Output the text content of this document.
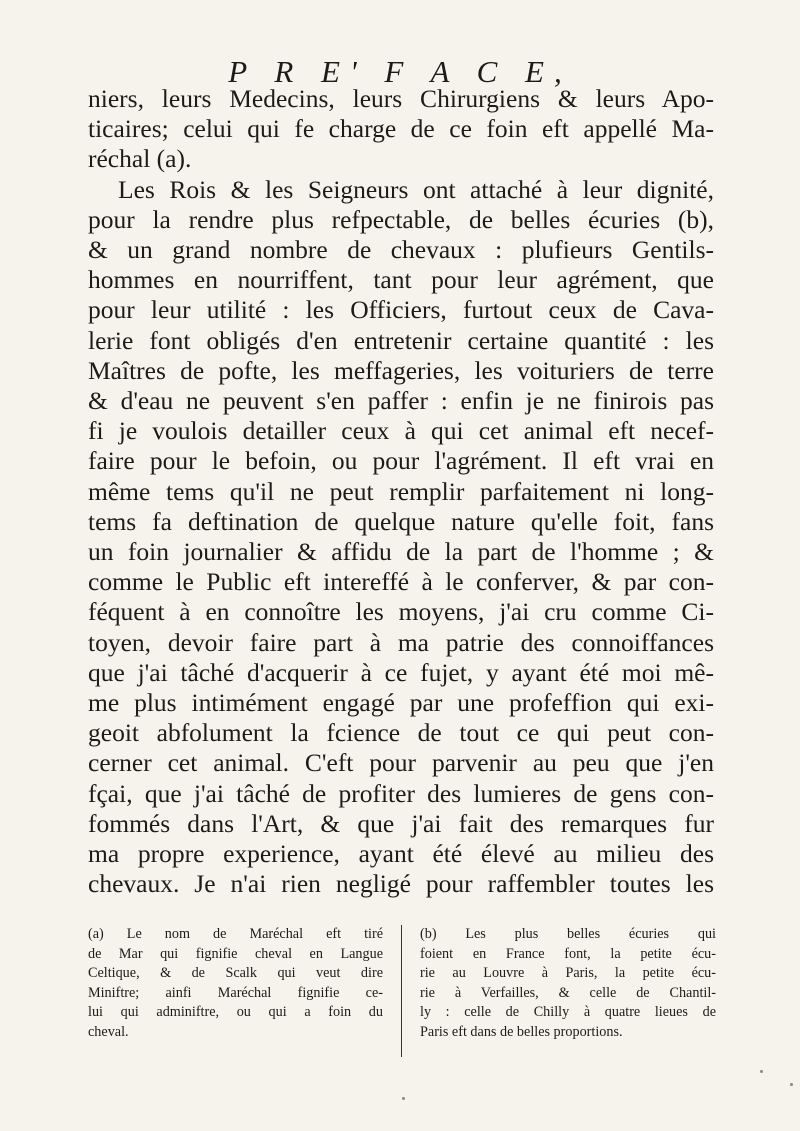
P R E' F A C E,
niers, leurs Medecins, leurs Chirurgiens & leurs Apo-
ticaires; celui qui fe charge de ce foin eft appellé Ma-
réchal (a).
Les Rois & les Seigneurs ont attaché à leur dignité,
pour la rendre plus refpectable, de belles écuries (b),
& un grand nombre de chevaux : plufieurs Gentils-
hommes en nourriffent, tant pour leur agrément, que
pour leur utilité : les Officiers, furtout ceux de Cava-
lerie font obligés d'en entretenir certaine quantité : les
Maîtres de pofte, les meffageries, les voituriers de terre
& d'eau ne peuvent s'en paffer : enfin je ne finirois pas
fi je voulois detailler ceux à qui cet animal eft necef-
faire pour le befoin, ou pour l'agrément. Il eft vrai en
même tems qu'il ne peut remplir parfaitement ni long-
tems fa deftination de quelque nature qu'elle foit, fans
un foin journalier & affidu de la part de l'homme ; &
comme le Public eft intereffé à le conferver, & par con-
féquent à en connoître les moyens, j'ai cru comme Ci-
toyen, devoir faire part à ma patrie des connoiffances
que j'ai tâché d'acquerir à ce fujet, y ayant été moi mê-
me plus intimément engagé par une profeffion qui exi-
geoit abfolument la fcience de tout ce qui peut con-
cerner cet animal. C'eft pour parvenir au peu que j'en
fçai, que j'ai tâché de profiter des lumieres de gens con-
fommés dans l'Art, & que j'ai fait des remarques fur
ma propre experience, ayant été élevé au milieu des
chevaux. Je n'ai rien negligé pour raffembler toutes les
(a) Le nom de Maréchal eft tiré
de Mar qui fignifie cheval en Langue
Celtique, & de Scalk qui veut dire
Miniftre; ainfi Maréchal fignifie ce-
lui qui adminiftre, ou qui a foin du
cheval.
(b) Les plus belles écuries qui
foient en France font, la petite écu-
rie au Louvre à Paris, la petite écu-
rie à Verfailles, & celle de Chantil-
ly : celle de Chilly à quatre lieues de
Paris eft dans de belles proportions.
